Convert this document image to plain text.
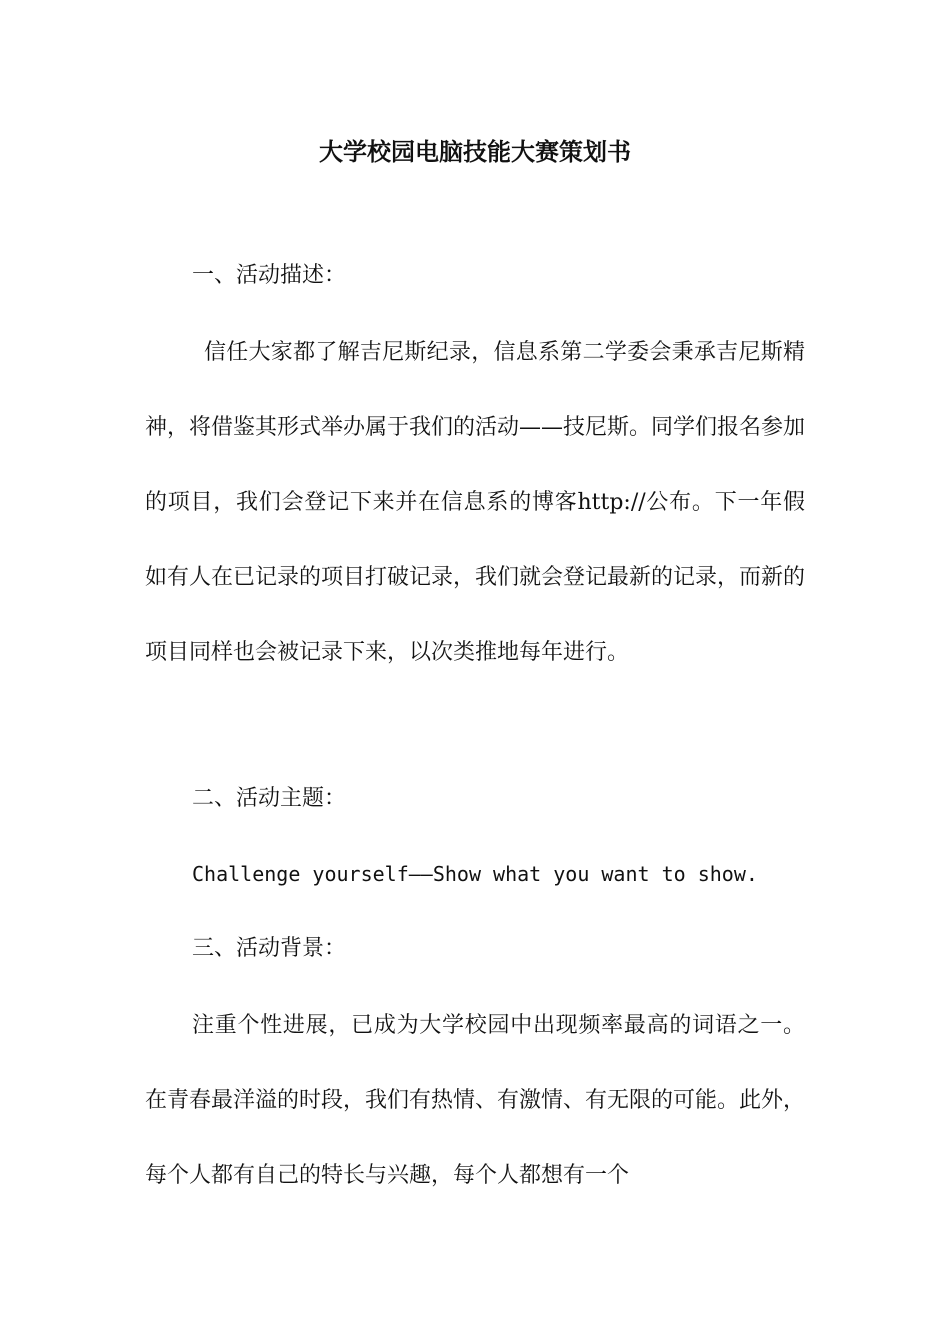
大学校园电脑技能大赛策划书

一、活动描述：

信任大家都了解吉尼斯纪录，信息系第二学委会秉承吉尼斯精神，将借鉴其形式举办属于我们的活动——技尼斯。同学们报名参加的项目，我们会登记下来并在信息系的博客http://公布。下一年假如有人在已记录的项目打破记录，我们就会登记最新的记录，而新的项目同样也会被记录下来，以次类推地每年进行。

二、活动主题：

Challenge yourself——Show what you want to show.

三、活动背景：

注重个性进展，已成为大学校园中出现频率最高的词语之一。在青春最洋溢的时段，我们有热情、有激情、有无限的可能。此外，每个人都有自己的特长与兴趣，每个人都想有一个
